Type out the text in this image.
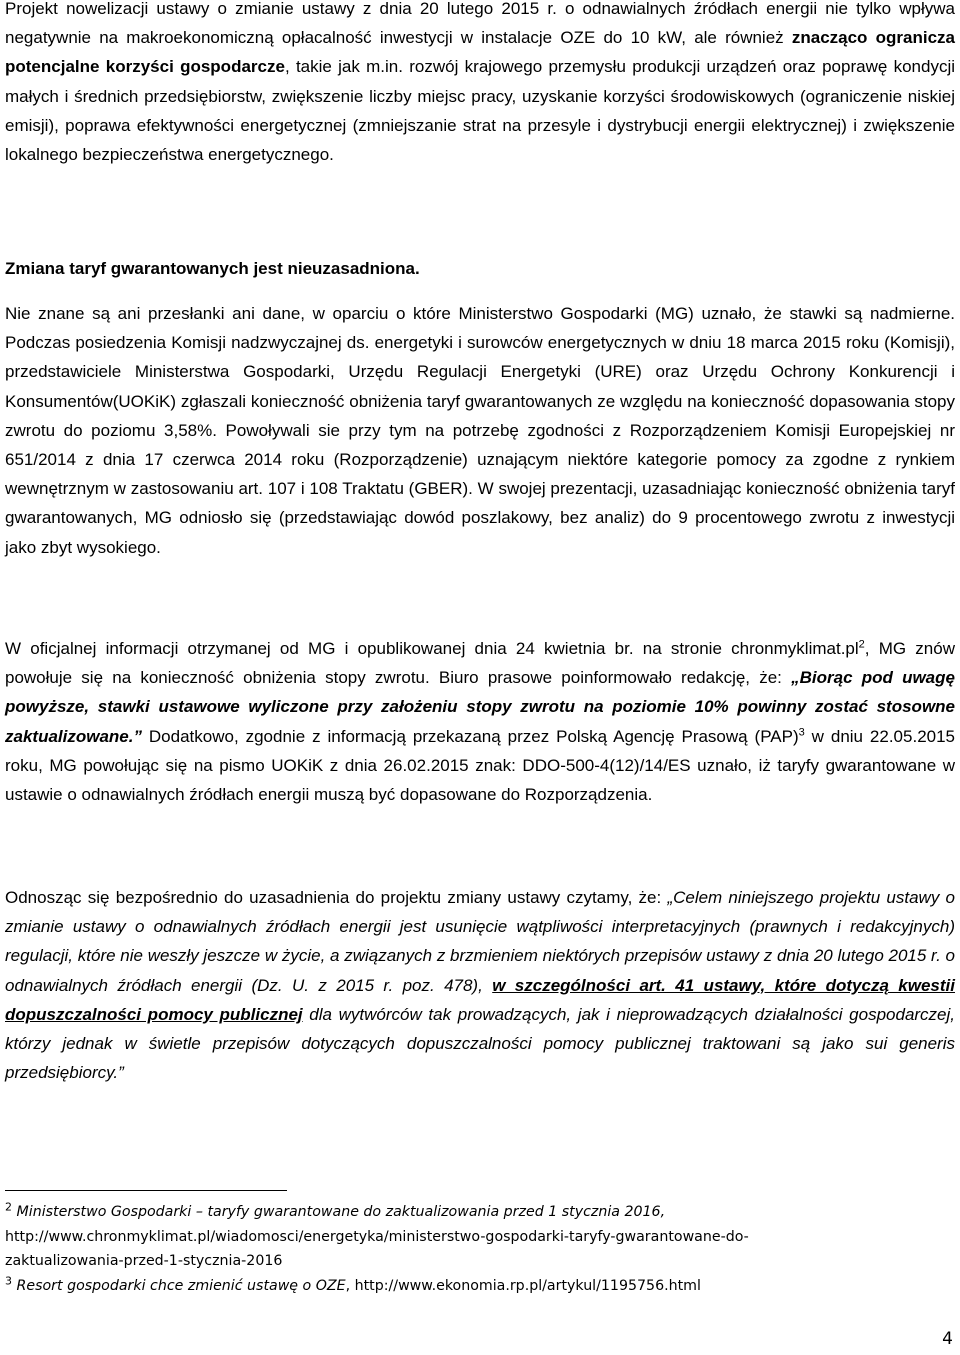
Projekt nowelizacji ustawy o zmianie ustawy z dnia 20 lutego 2015 r. o odnawialnych źródłach energii nie tylko wpływa negatywnie na makroekonomiczną opłacalność inwestycji w instalacje OZE do 10 kW, ale również znacząco ogranicza potencjalne korzyści gospodarcze, takie jak m.in. rozwój krajowego przemysłu produkcji urządzeń oraz poprawę kondycji małych i średnich przedsiębiorstw, zwiększenie liczby miejsc pracy, uzyskanie korzyści środowiskowych (ograniczenie niskiej emisji), poprawa efektywności energetycznej (zmniejszanie strat na przesyle i dystrybucji energii elektrycznej) i zwiększenie lokalnego bezpieczeństwa energetycznego.

Zmiana taryf gwarantowanych jest nieuzasadniona.

Nie znane są ani przesłanki ani dane, w oparciu o które Ministerstwo Gospodarki (MG) uznało, że stawki są nadmierne. Podczas posiedzenia Komisji nadzwyczajnej ds. energetyki i surowców energetycznych w dniu 18 marca 2015 roku (Komisji), przedstawiciele Ministerstwa Gospodarki, Urzędu Regulacji Energetyki (URE) oraz Urzędu Ochrony Konkurencji i Konsumentów(UOKiK) zgłaszali konieczność obniżenia taryf gwarantowanych ze względu na konieczność dopasowania stopy zwrotu do poziomu 3,58%. Powoływali sie przy tym na potrzebę zgodności z Rozporządzeniem Komisji Europejskiej nr 651/2014 z dnia 17 czerwca 2014 roku (Rozporządzenie) uznającym niektóre kategorie pomocy za zgodne z rynkiem wewnętrznym w zastosowaniu art. 107 i 108 Traktatu (GBER). W swojej prezentacji, uzasadniając konieczność obniżenia taryf gwarantowanych, MG odniosło się (przedstawiając dowód poszlakowy, bez analiz) do 9 procentowego zwrotu z inwestycji jako zbyt wysokiego.

W oficjalnej informacji otrzymanej od MG i opublikowanej dnia 24 kwietnia br. na stronie chronmyklimat.pl$^2$, MG znów powołuje się na konieczność obniżenia stopy zwrotu. Biuro prasowe poinformowało redakcję, że: „Biorąc pod uwagę powyższe, stawki ustawowe wyliczone przy założeniu stopy zwrotu na poziomie 10% powinny zostać stosowne zaktualizowane.” Dodatkowo, zgodnie z informacją przekazaną przez Polską Agencję Prasową (PAP)$^3$ w dniu 22.05.2015 roku, MG powołując się na pismo UOKiK z dnia 26.02.2015 znak: DDO-500-4(12)/14/ES uznało, iż taryfy gwarantowane w ustawie o odnawialnych źródłach energii muszą być dopasowane do Rozporządzenia.

Odnosząc się bezpośrednio do uzasadnienia do projektu zmiany ustawy czytamy, że: „Celem niniejszego projektu ustawy o zmianie ustawy o odnawialnych źródłach energii jest usunięcie wątpliwości interpretacyjnych (prawnych i redakcyjnych) regulacji, które nie weszły jeszcze w życie, a związanych z brzmieniem niektórych przepisów ustawy z dnia 20 lutego 2015 r. o odnawialnych źródłach energii (Dz. U. z 2015 r. poz. 478), w szczególności art. 41 ustawy, które dotyczą kwestii dopuszczalności pomocy publicznej dla wytwórców tak prowadzących, jak i nieprowadzących działalności gospodarczej, którzy jednak w świetle przepisów dotyczących dopuszczalności pomocy publicznej traktowani są jako sui generis przedsiębiorcy.”

$^2$ Ministerstwo Gospodarki – taryfy gwarantowane do zaktualizowania przed 1 stycznia 2016,

http://www.chronmyklimat.pl/wiadomosci/energetyka/ministerstwo-gospodarki-taryfy-gwarantowane-do-

zaktualizowania-przed-1-stycznia-2016

$^3$ Resort gospodarki chce zmienić ustawę o OZE, http://www.ekonomia.rp.pl/artykul/1195756.html

4
